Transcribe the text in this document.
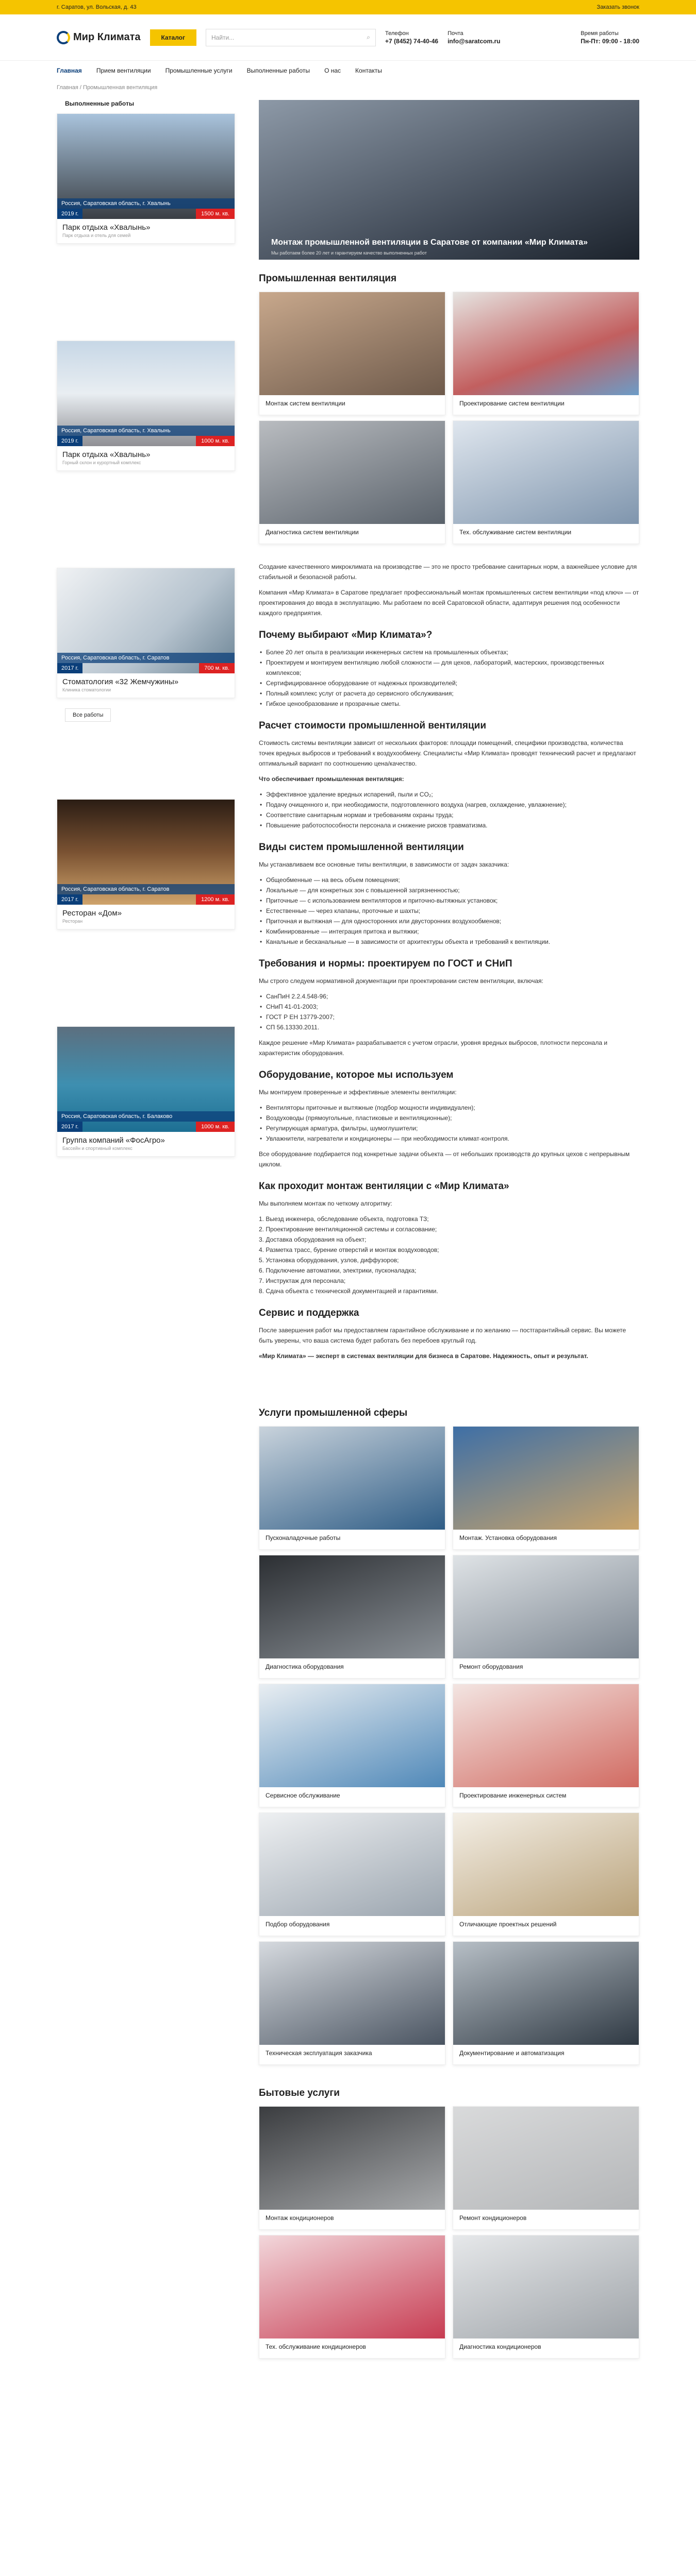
г. Саратов, ул. Вольская, д. 43	Заказать звонок
Мир Климата	Каталог	Найти...	⌕
Телефон
+7 (8452) 74-40-46
Почта
info@saratcom.ru
Время работы
Пн-Пт: 09:00 - 18:00
Главная Прием вентиляции Промышленные услуги Выполненные работы О нас Контакты
Главная / Промышленная вентиляция
Выполненные работы
Россия, Саратовская область, г. Хвалынь
2019 г.	1500 м. кв.
Парк отдыха «Хвалынь»
Парк отдыха и отель для семей
Россия, Саратовская область, г. Хвалынь
2019 г.	1000 м. кв.
Парк отдыха «Хвалынь»
Горный склон и курортный комплекс
Россия, Саратовская область, г. Саратов
2017 г.	700 м. кв.
Стоматология «32 Жемчужины»
Клиника стоматологии
Все работы
Россия, Саратовская область, г. Саратов
2017 г.	1200 м. кв.
Ресторан «Дом»
Ресторан
Россия, Саратовская область, г. Балаково
2017 г.	1000 м. кв.
Группа компаний «ФосАгро»
Бассейн и спортивный комплекс
Монтаж промышленной вентиляции в Саратове от компании «Мир Климата»
Мы работаем более 20 лет и гарантируем качество выполненных работ
Промышленная вентиляция
Монтаж систем вентиляции	Проектирование систем вентиляции
Диагностика систем вентиляции	Тех. обслуживание систем вентиляции

Создание качественного микроклимата на производстве — это не просто требование санитарных норм, а важнейшее условие для стабильной и безопасной работы.

Компания «Мир Климата» в Саратове предлагает профессиональный монтаж промышленных систем вентиляции «под ключ» — от проектирования до ввода в эксплуатацию. Мы работаем по всей Саратовской области, адаптируя решения под особенности каждого предприятия.

Почему выбирают «Мир Климата»?
• Более 20 лет опыта в реализации инженерных систем на промышленных объектах;
• Проектируем и монтируем вентиляцию любой сложности — для цехов, лабораторий, мастерских, производственных комплексов;
• Сертифицированное оборудование от надежных производителей;
• Полный комплекс услуг от расчета до сервисного обслуживания;
• Гибкое ценообразование и прозрачные сметы.
Расчет стоимости промышленной вентиляции

Стоимость системы вентиляции зависит от нескольких факторов: площади помещений, специфики производства, количества точек вредных выбросов и требований к воздухообмену. Специалисты «Мир Климата» проводят технический расчет и предлагают оптимальный вариант по соотношению цена/качество.

Что обеспечивает промышленная вентиляция:

• Эффективное удаление вредных испарений, пыли и CO₂;
• Подачу очищенного и, при необходимости, подготовленного воздуха (нагрев, охлаждение, увлажнение);
• Соответствие санитарным нормам и требованиям охраны труда;
• Повышение работоспособности персонала и снижение рисков травматизма.
Виды систем промышленной вентиляции

Мы устанавливаем все основные типы вентиляции, в зависимости от задач заказчика:

• Общеобменные — на весь объем помещения;
• Локальные — для конкретных зон с повышенной загрязненностью;
• Приточные — с использованием вентиляторов и приточно-вытяжных установок;
• Естественные — через клапаны, проточные и шахты;
• Приточная и вытяжная — для односторонних или двусторонних воздухообменов;
• Комбинированные — интеграция притока и вытяжки;
• Канальные и бесканальные — в зависимости от архитектуры объекта и требований к вентиляции.
Требования и нормы: проектируем по ГОСТ и СНиП

Мы строго следуем нормативной документации при проектировании систем вентиляции, включая:

• СанПиН 2.2.4.548-96;
• СНиП 41-01-2003;
• ГОСТ Р ЕН 13779-2007;
• СП 56.13330.2011.

Каждое решение «Мир Климата» разрабатывается с учетом отрасли, уровня вредных выбросов, плотности персонала и характеристик оборудования.

Оборудование, которое мы используем

Мы монтируем проверенные и эффективные элементы вентиляции:

• Вентиляторы приточные и вытяжные (подбор мощности индивидуален);
• Воздуховоды (прямоугольные, пластиковые и вентиляционные);
• Регулирующая арматура, фильтры, шумоглушители;
• Увлажнители, нагреватели и кондиционеры — при необходимости климат-контроля.

Все оборудование подбирается под конкретные задачи объекта — от небольших производств до крупных цехов с непрерывным циклом.

Как проходит монтаж вентиляции с «Мир Климата»

Мы выполняем монтаж по четкому алгоритму:

1. Выезд инженера, обследование объекта, подготовка ТЗ;
2. Проектирование вентиляционной системы и согласование;
3. Доставка оборудования на объект;
4. Разметка трасс, бурение отверстий и монтаж воздуховодов;
5. Установка оборудования, узлов, диффузоров;
6. Подключение автоматики, электрики, пусконаладка;
7. Инструктаж для персонала;
8. Сдача объекта с технической документацией и гарантиями.
Сервис и поддержка

После завершения работ мы предоставляем гарантийное обслуживание и по желанию — постгарантийный сервис. Вы можете быть уверены, что ваша система будет работать без перебоев круглый год.

«Мир Климата» — эксперт в системах вентиляции для бизнеса в Саратове. Надежность, опыт и результат.

Услуги промышленной сферы
Пусконаладочные работы	Монтаж. Установка оборудования
Диагностика оборудования	Ремонт оборудования
Сервисное обслуживание	Проектирование инженерных систем
Подбор оборудования	Отличающие проектных решений
Техническая эксплуатация заказчика	Документирование и автоматизация
Бытовые услуги
Монтаж кондиционеров	Ремонт кондиционеров
Тех. обслуживание кондиционеров	Диагностика кондиционеров
